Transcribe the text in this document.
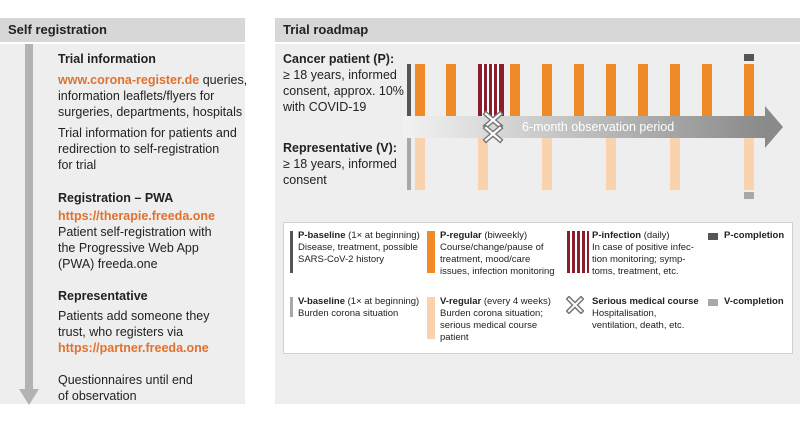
Self registration
Trial information
www.corona-register.de queries,
information leaflets/flyers for
surgeries, departments, hospitals
Trial information for patients and
redirection to self-registration
for trial
Registration – PWA
https://therapie.freeda.one
Patient self-registration with
the Progressive Web App
(PWA) freeda.one
Representative
Patients add someone they
trust, who registers via
https://partner.freeda.one
Questionnaires until end
of observation
Trial roadmap
Cancer patient (P):
≥ 18 years, informed
consent, approx. 10%
with COVID-19
Representative (V):
≥ 18 years, informed
consent
6-month observation period
P-baseline (1× at beginning)
Disease, treatment, possible
SARS-CoV-2 history
P-regular (biweekly)
Course/change/pause of
treatment, mood/care
issues, infection monitoring
P-infection (daily)
In case of positive infec-
tion monitoring; symp-
toms, treatment, etc.
P-completion
V-baseline (1× at beginning)
Burden corona situation
V-regular (every 4 weeks)
Burden corona situation;
serious medical course
patient
Serious medical course
Hospitalisation,
ventilation, death, etc.
V-completion
